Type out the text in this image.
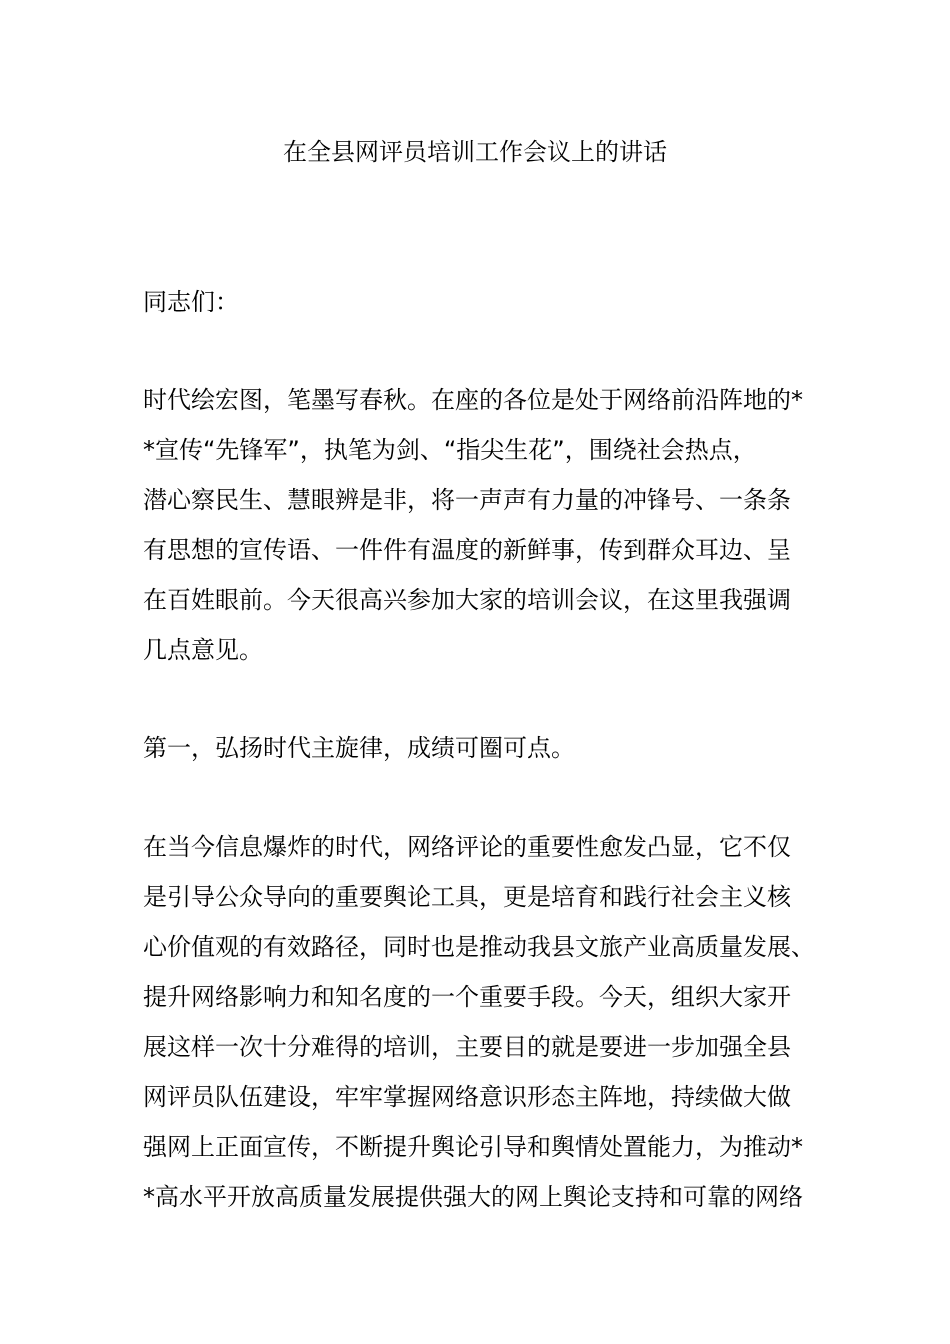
在全县网评员培训工作会议上的讲话
同志们：
时代绘宏图，笔墨写春秋。在座的各位是处于网络前沿阵地的*
*宣传“先锋军”，执笔为剑、“指尖生花”，围绕社会热点，
潜心察民生、慧眼辨是非，将一声声有力量的冲锋号、一条条
有思想的宣传语、一件件有温度的新鲜事，传到群众耳边、呈
在百姓眼前。今天很高兴参加大家的培训会议，在这里我强调
几点意见。
第一，弘扬时代主旋律，成绩可圈可点。
在当今信息爆炸的时代，网络评论的重要性愈发凸显，它不仅
是引导公众导向的重要舆论工具，更是培育和践行社会主义核
心价值观的有效路径，同时也是推动我县文旅产业高质量发展、
提升网络影响力和知名度的一个重要手段。今天，组织大家开
展这样一次十分难得的培训，主要目的就是要进一步加强全县
网评员队伍建设，牢牢掌握网络意识形态主阵地，持续做大做
强网上正面宣传，不断提升舆论引导和舆情处置能力，为推动*
*高水平开放高质量发展提供强大的网上舆论支持和可靠的网络
